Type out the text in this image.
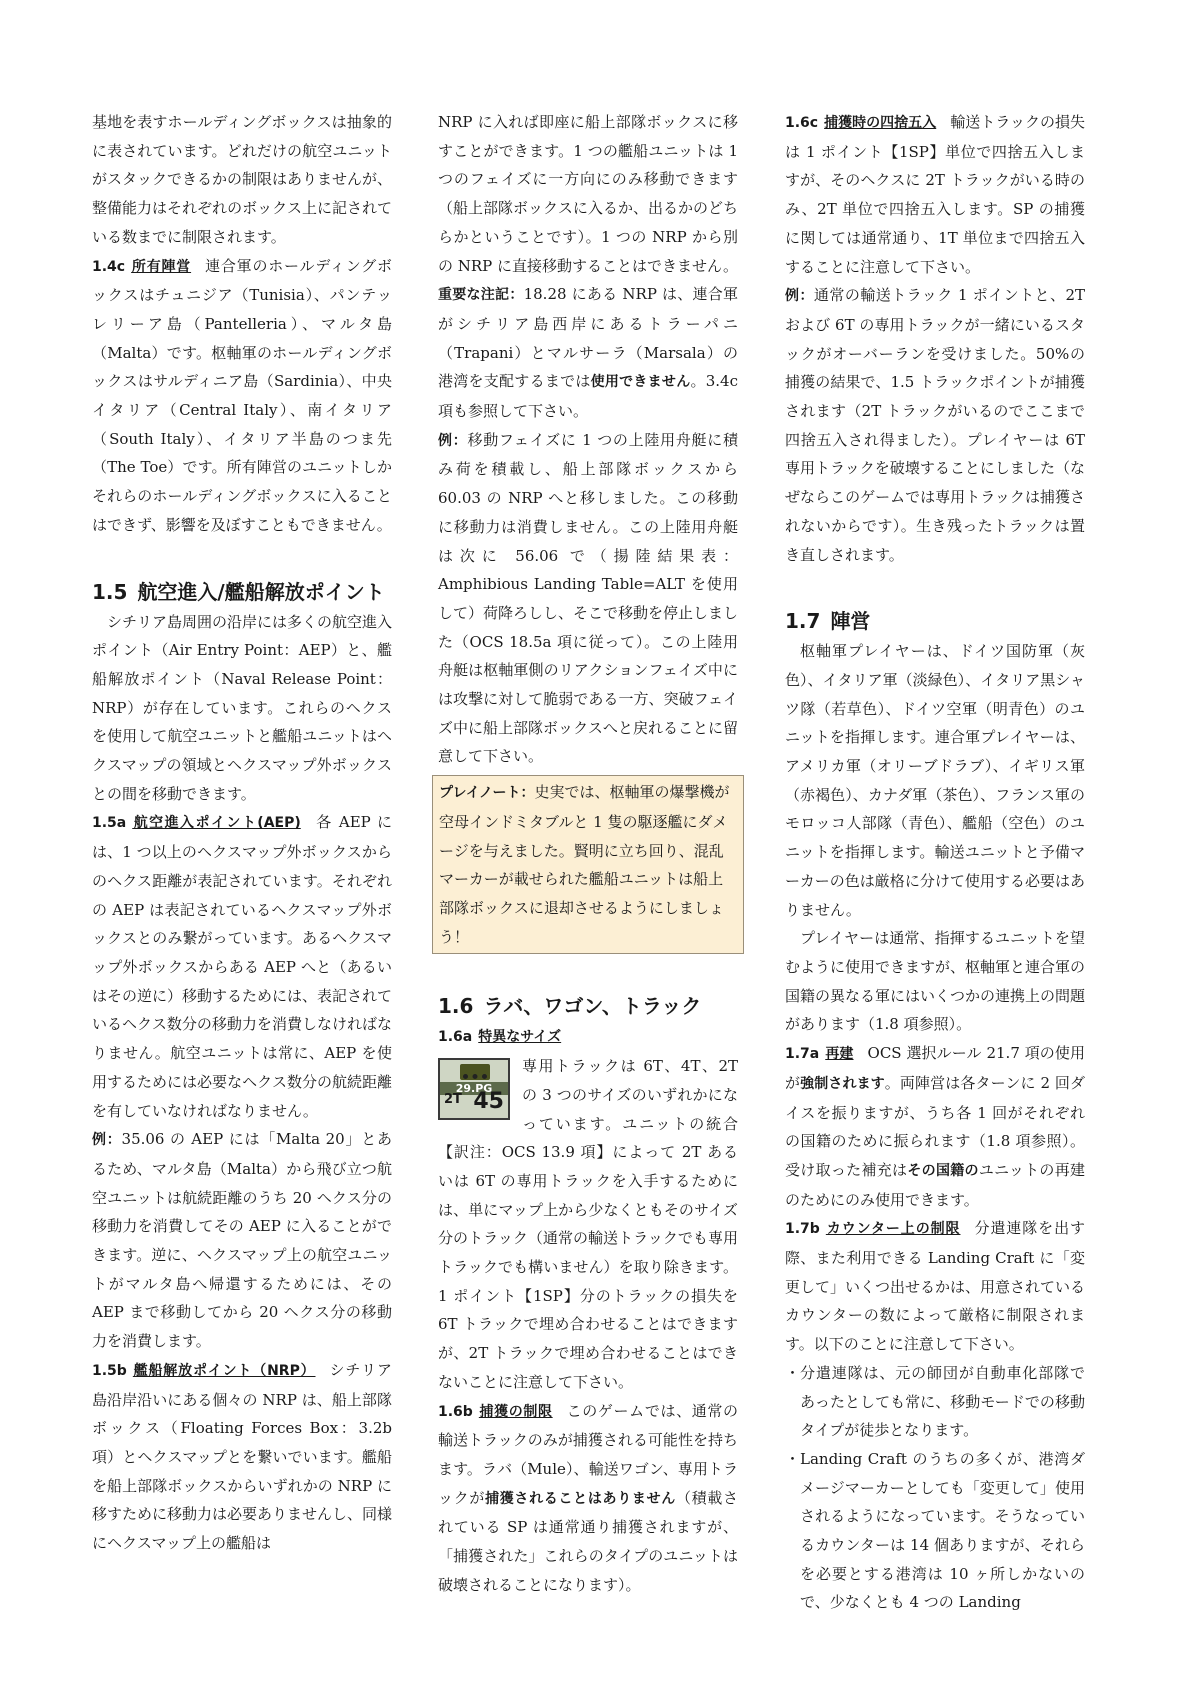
基地を表すホールディングボックスは抽象的に表されています。どれだけの航空ユニットがスタックできるかの制限はありませんが、整備能力はそれぞれのボックス上に記されている数までに制限されます。

1.4c 所有陣営 連合軍のホールディングボックスはチュニジア（Tunisia）、パンテッレリーア島（Pantelleria）、マルタ島（Malta）です。枢軸軍のホールディングボックスはサルディニア島（Sardinia）、中央イタリア（Central Italy）、南イタリア（South Italy）、イタリア半島のつま先（The Toe）です。所有陣営のユニットしかそれらのホールディングボックスに入ることはできず、影響を及ぼすこともできません。

1.5 航空進入/艦船解放ポイント

シチリア島周囲の沿岸には多くの航空進入ポイント（Air Entry Point：AEP）と、艦船解放ポイント（Naval Release Point：NRP）が存在しています。これらのヘクスを使用して航空ユニットと艦船ユニットはヘクスマップの領域とヘクスマップ外ボックスとの間を移動できます。

1.5a 航空進入ポイント(AEP) 各 AEP には、1 つ以上のヘクスマップ外ボックスからのヘクス距離が表記されています。それぞれの AEP は表記されているヘクスマップ外ボックスとのみ繋がっています。あるヘクスマップ外ボックスからある AEP へと（あるいはその逆に）移動するためには、表記されているヘクス数分の移動力を消費しなければなりません。航空ユニットは常に、AEP を使用するためには必要なヘクス数分の航続距離を有していなければなりません。

例：35.06 の AEP には「Malta 20」とあるため、マルタ島（Malta）から飛び立つ航空ユニットは航続距離のうち 20 ヘクス分の移動力を消費してその AEP に入ることができます。逆に、ヘクスマップ上の航空ユニットがマルタ島へ帰還するためには、その AEP まで移動してから 20 ヘクス分の移動力を消費します。

1.5b 艦船解放ポイント（NRP） シチリア島沿岸沿いにある個々の NRP は、船上部隊ボックス（Floating Forces Box：3.2b 項）とヘクスマップとを繋いでいます。艦船を船上部隊ボックスからいずれかの NRP に移すために移動力は必要ありませんし、同様にヘクスマップ上の艦船は

NRP に入れば即座に船上部隊ボックスに移すことができます。1 つの艦船ユニットは 1 つのフェイズに一方向にのみ移動できます（船上部隊ボックスに入るか、出るかのどちらかということです）。1 つの NRP から別の NRP に直接移動することはできません。

重要な注記：18.28 にある NRP は、連合軍がシチリア島西岸にあるトラーパニ（Trapani）とマルサーラ（Marsala）の港湾を支配するまでは使用できません。3.4c 項も参照して下さい。

例：移動フェイズに 1 つの上陸用舟艇に積み荷を積載し、船上部隊ボックスから 60.03 の NRP へと移しました。この移動に移動力は消費しません。この上陸用舟艇は次に 56.06 で（揚陸結果表：Amphibious Landing Table=ALT を使用して）荷降ろしし、そこで移動を停止しました（OCS 18.5a 項に従って）。この上陸用舟艇は枢軸軍側のリアクションフェイズ中には攻撃に対して脆弱である一方、突破フェイズ中に船上部隊ボックスへと戻れることに留意して下さい。

プレイノート：史実では、枢軸軍の爆撃機が空母インドミタブルと 1 隻の駆逐艦にダメージを与えました。賢明に立ち回り、混乱マーカーが載せられた艦船ユニットは船上部隊ボックスに退却させるようにしましょう！
1.6 ラバ、ワゴン、トラック

1.6a 特異なサイズ

29.PG
2T 45

専用トラックは 6T、4T、2T の 3 つのサイズのいずれかになっています。ユニットの統合【訳注：OCS 13.9 項】によって 2T あるいは 6T の専用トラックを入手するためには、単にマップ上から少なくともそのサイズ分のトラック（通常の輸送トラックでも専用トラックでも構いません）を取り除きます。1 ポイント【1SP】分のトラックの損失を 6T トラックで埋め合わせることはできますが、2T トラックで埋め合わせることはできないことに注意して下さい。

1.6b 捕獲の制限 このゲームでは、通常の輸送トラックのみが捕獲される可能性を持ちます。ラバ（Mule）、輸送ワゴン、専用トラックが捕獲されることはありません（積載されている SP は通常通り捕獲されますが、「捕獲された」これらのタイプのユニットは破壊されることになります）。

1.6c 捕獲時の四捨五入 輸送トラックの損失は 1 ポイント【1SP】単位で四捨五入しますが、そのヘクスに 2T トラックがいる時のみ、2T 単位で四捨五入します。SP の捕獲に関しては通常通り、1T 単位まで四捨五入することに注意して下さい。

例：通常の輸送トラック 1 ポイントと、2T および 6T の専用トラックが一緒にいるスタックがオーバーランを受けました。50%の捕獲の結果で、1.5 トラックポイントが捕獲されます（2T トラックがいるのでここまで四捨五入され得ました）。プレイヤーは 6T 専用トラックを破壊することにしました（なぜならこのゲームでは専用トラックは捕獲されないからです）。生き残ったトラックは置き直しされます。

1.7 陣営

枢軸軍プレイヤーは、ドイツ国防軍（灰色）、イタリア軍（淡緑色）、イタリア黒シャツ隊（若草色）、ドイツ空軍（明青色）のユニットを指揮します。連合軍プレイヤーは、アメリカ軍（オリーブドラブ）、イギリス軍（赤褐色）、カナダ軍（茶色）、フランス軍のモロッコ人部隊（青色）、艦船（空色）のユニットを指揮します。輸送ユニットと予備マーカーの色は厳格に分けて使用する必要はありません。

プレイヤーは通常、指揮するユニットを望むように使用できますが、枢軸軍と連合軍の国籍の異なる軍にはいくつかの連携上の問題があります（1.8 項参照）。

1.7a 再建 OCS 選択ルール 21.7 項の使用が強制されます。両陣営は各ターンに 2 回ダイスを振りますが、うち各 1 回がそれぞれの国籍のために振られます（1.8 項参照）。受け取った補充はその国籍のユニットの再建のためにのみ使用できます。

1.7b カウンター上の制限 分遣連隊を出す際、また利用できる Landing Craft に「変更して」いくつ出せるかは、用意されているカウンターの数によって厳格に制限されます。以下のことに注意して下さい。

・ 分遣連隊は、元の師団が自動車化部隊であったとしても常に、移動モードでの移動タイプが徒歩となります。
・ Landing Craft のうちの多くが、港湾ダメージマーカーとしても「変更して」使用されるようになっています。そうなっているカウンターは 14 個ありますが、それらを必要とする港湾は 10 ヶ所しかないので、少なくとも 4 つの Landing
